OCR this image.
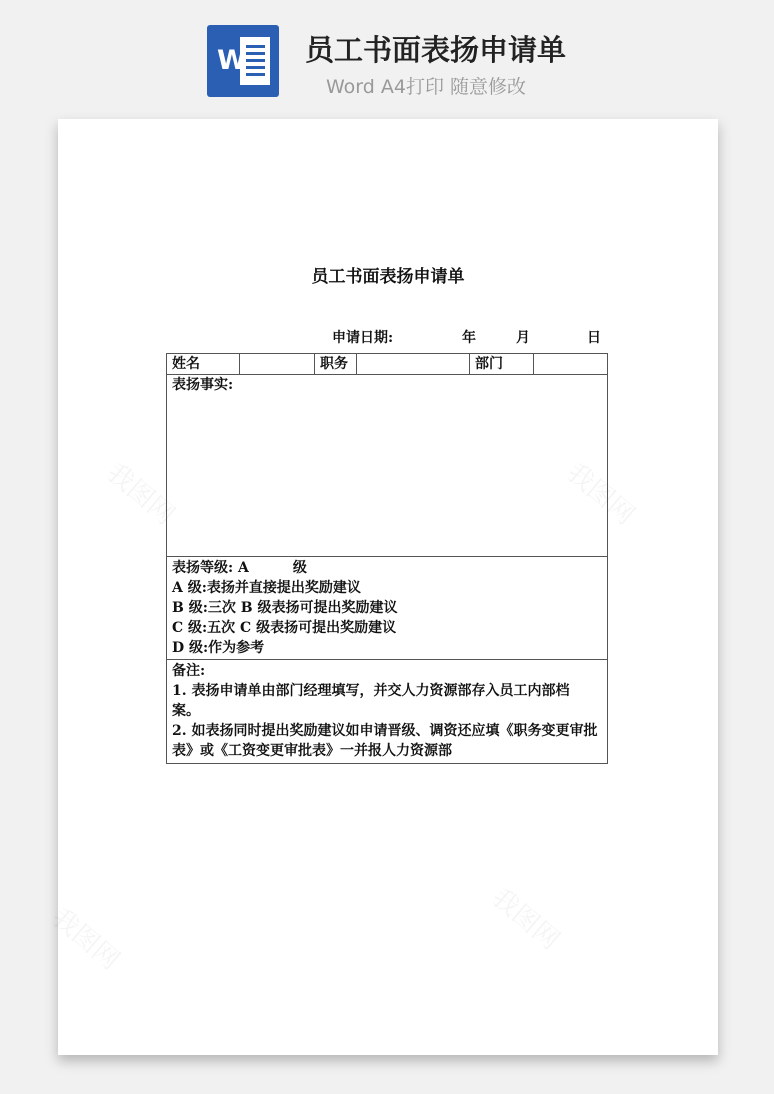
W 员工书面表扬申请单
Word A4打印 随意修改
员工书面表扬申请单
申请日期:	年	月	日
姓名	职务	部门
表扬事实:
表扬等级: A	级
A 级:表扬并直接提出奖励建议
B 级:三次 B 级表扬可提出奖励建议
C 级:五次 C 级表扬可提出奖励建议
D 级:作为参考
备注:
1. 表扬申请单由部门经理填写，并交人力资源部存入员工内部档　　案。
2. 如表扬同时提出奖励建议如申请晋级、调资还应填《职务变更审批表》或《工资变更审批表》一并报人力资源部
